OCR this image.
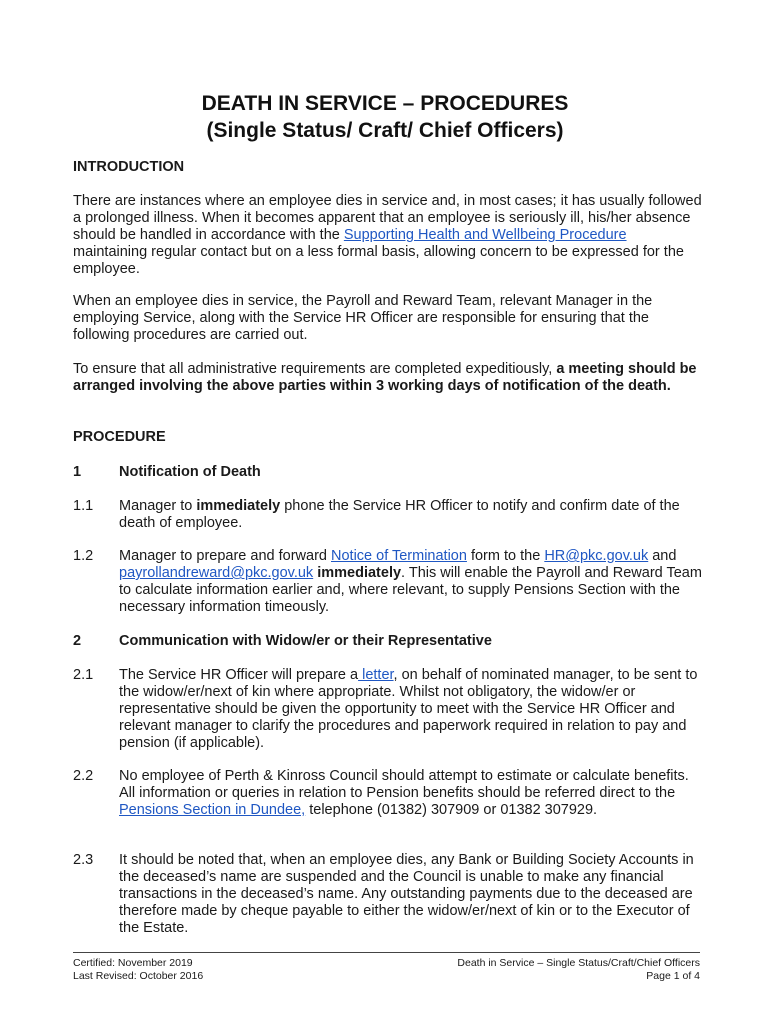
DEATH IN SERVICE – PROCEDURES
(Single Status/ Craft/ Chief Officers)
INTRODUCTION
There are instances where an employee dies in service and, in most cases; it has usually followed a prolonged illness. When it becomes apparent that an employee is seriously ill, his/her absence should be handled in accordance with the Supporting Health and Wellbeing Procedure maintaining regular contact but on a less formal basis, allowing concern to be expressed for the employee.
When an employee dies in service, the Payroll and Reward Team, relevant Manager in the employing Service, along with the Service HR Officer are responsible for ensuring that the following procedures are carried out.
To ensure that all administrative requirements are completed expeditiously, a meeting should be arranged involving the above parties within 3 working days of notification of the death.
PROCEDURE
1	Notification of Death
1.1 Manager to immediately phone the Service HR Officer to notify and confirm date of the death of employee.
1.2 Manager to prepare and forward Notice of Termination form to the HR@pkc.gov.uk and payrollandreward@pkc.gov.uk immediately. This will enable the Payroll and Reward Team to calculate information earlier and, where relevant, to supply Pensions Section with the necessary information timeously.
2	Communication with Widow/er or their Representative
2.1 The Service HR Officer will prepare a letter, on behalf of nominated manager, to be sent to the widow/er/next of kin where appropriate. Whilst not obligatory, the widow/er or representative should be given the opportunity to meet with the Service HR Officer and relevant manager to clarify the procedures and paperwork required in relation to pay and pension (if applicable).
2.2 No employee of Perth & Kinross Council should attempt to estimate or calculate benefits. All information or queries in relation to Pension benefits should be referred direct to the Pensions Section in Dundee, telephone (01382) 307909 or 01382 307929.
2.3 It should be noted that, when an employee dies, any Bank or Building Society Accounts in the deceased’s name are suspended and the Council is unable to make any financial transactions in the deceased’s name. Any outstanding payments due to the deceased are therefore made by cheque payable to either the widow/er/next of kin or to the Executor of the Estate.
Certified: November 2019
Last Revised: October 2016
Death in Service – Single Status/Craft/Chief Officers
Page 1 of 4
